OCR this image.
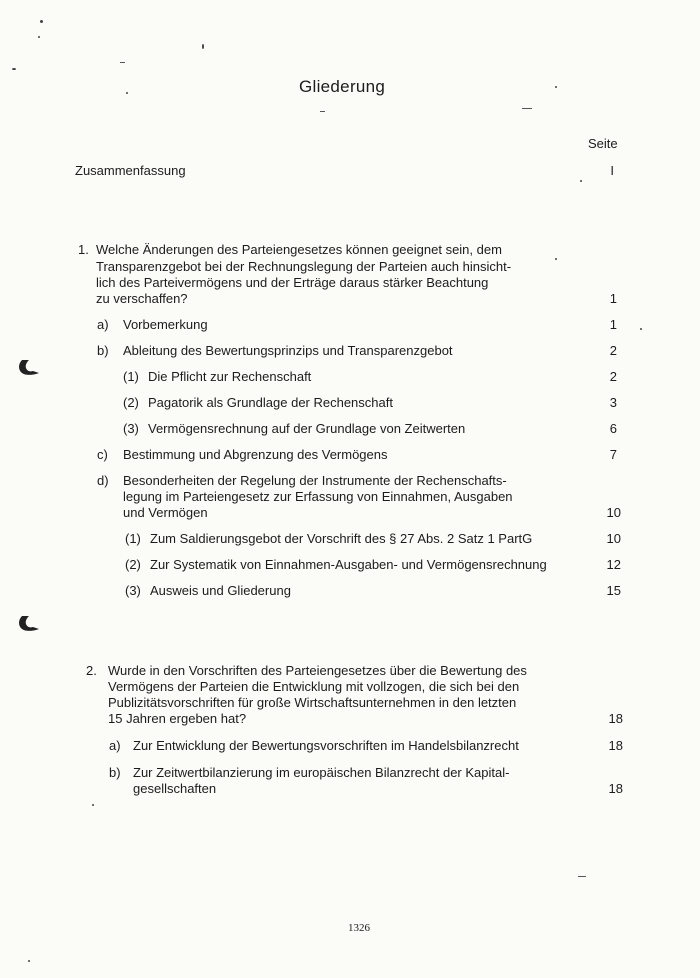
Gliederung
Seite
Zusammenfassung	I
1. Welche Änderungen des Parteiengesetzes können geeignet sein, dem
Transparenzgebot bei der Rechnungslegung der Parteien auch hinsicht-
lich des Parteivermögens und der Erträge daraus stärker Beachtung
zu verschaffen?	1
a) Vorbemerkung	1
b) Ableitung des Bewertungsprinzips und Transparenzgebot	2
(1) Die Pflicht zur Rechenschaft	2
(2) Pagatorik als Grundlage der Rechenschaft	3
(3) Vermögensrechnung auf der Grundlage von Zeitwerten	6
c) Bestimmung und Abgrenzung des Vermögens	7
d) Besonderheiten der Regelung der Instrumente der Rechenschafts-
legung im Parteiengesetz zur Erfassung von Einnahmen, Ausgaben
und Vermögen	10
(1) Zum Saldierungsgebot der Vorschrift des § 27 Abs. 2 Satz 1 PartG	10
(2) Zur Systematik von Einnahmen-Ausgaben- und Vermögensrechnung	12
(3) Ausweis und Gliederung	15
2. Wurde in den Vorschriften des Parteiengesetzes über die Bewertung des
Vermögens der Parteien die Entwicklung mit vollzogen, die sich bei den
Publizitätsvorschriften für große Wirtschaftsunternehmen in den letzten
15 Jahren ergeben hat?	18
a) Zur Entwicklung der Bewertungsvorschriften im Handelsbilanzrecht	18
b) Zur Zeitwertbilanzierung im europäischen Bilanzrecht der Kapital-
gesellschaften	18
1326
